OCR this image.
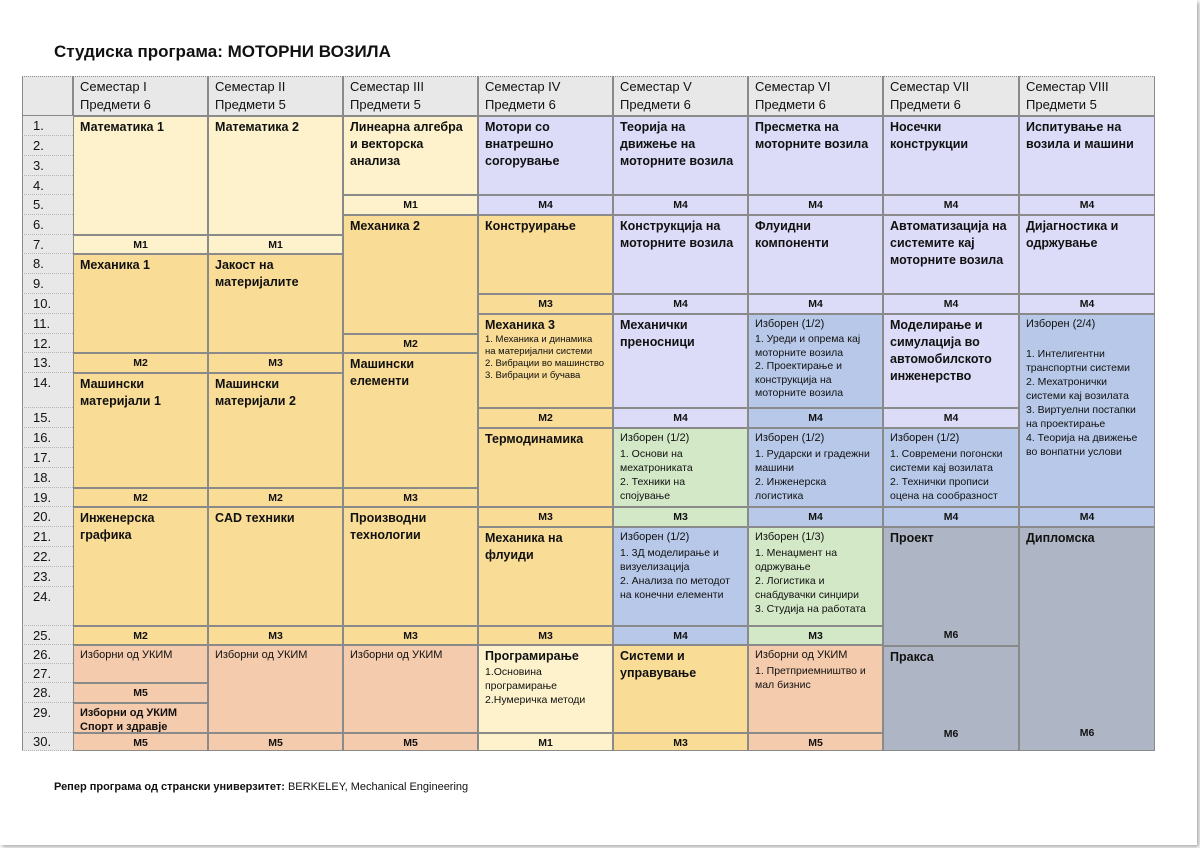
Студиска програма: МОТОРНИ ВОЗИЛА
Семестар I
Предмети 6
Семестар II
Предмети 5
Семестар III
Предмети 5
Семестар IV
Предмети 6
Семестар V
Предмети 6
Семестар VI
Предмети 6
Семестар VII
Предмети 6
Семестар VIII
Предмети 5
1.
2.
3.
4.
5.
6.
7.
8.
9.
10.
11.
12.
13.
14.
15.
16.
17.
18.
19.
20.
21.
22.
23.
24.
25.
26.
27.
28.
29.
30.
Математика 1
М1
Механика 1
М2
Машински
материјали 1
М2
Инженерска
графика
М2
Изборни од УКИМ
М5
Изборни од УКИМ
Спорт и здравје
М5
Математика 2
М1
Јакост на
материјалите
М3
Машински
материјали 2
М2
CAD техники
М3
Изборни од УКИМ
М5
Линеарна алгебра
и векторска
анализа
М1
Механика 2
М2
Машински
елементи
М3
Производни
технологии
М3
Изборни од УКИМ
М5
Мотори со
внатрешно
согорување
М4
Конструирање
М3
Механика 3
1. Механика и динамика
на материјални системи
2. Вибрации во машинство
3. Вибрации и бучава
М2
Термодинамика
М3
Механика на
флуиди
М3
Програмирање
1.Основина
програмирање
2.Нумеричка методи
М1
Теорија на
движење на
моторните возила
М4
Конструкција на
моторните возила
М4
Механички
преносници
М4
Изборен (1/2)
1. Основи на
мехатрониката
2. Техники на
спојување
М3
Изборен (1/2)
1. 3Д моделирање и
визуелизација
2. Анализа по методот
на конечни елементи
М4
Системи и
управување
М3
Пресметка на
моторните возила
М4
Флуидни
компоненти
М4
Изборен (1/2)
1. Уреди и опрема каj
моторните возила
2. Проектирање и
конструкција на
моторните возила
М4
Изборен (1/2)
1. Рударски и градежни
машини
2. Инженерска
логистика
М4
Изборен (1/3)
1. Менаџмент на
одржување
2. Логистика и
снабдувачки синџири
3. Студија на работата
М3
Изборни од УКИМ
1. Претприемништво и
мал бизнис
М5
Носечки
конструкции
М4
Автоматизација на
системите кај
моторните возила
М4
Моделирање и
симулација во
автомобилското
инженерство
М4
Изборен (1/2)
1. Современи погонски
системи кај возилата
2. Технички прописи
оцена на сообразност
М4
Проект
М6
Пракса
М6
Испитување на
возила и машини
М4
Дијагностика и
одржување
М4
Изборен (2/4)

1. Интелигентни
транспортни системи
2. Мехатронички
системи кај возилата
3. Виртуелни постапки
на проектирање
4. Теорија на движење
во вонпатни услови
М4
Дипломска
М6
Репер програма од странски универзитет: BERKELEY, Mechanical Engineering
